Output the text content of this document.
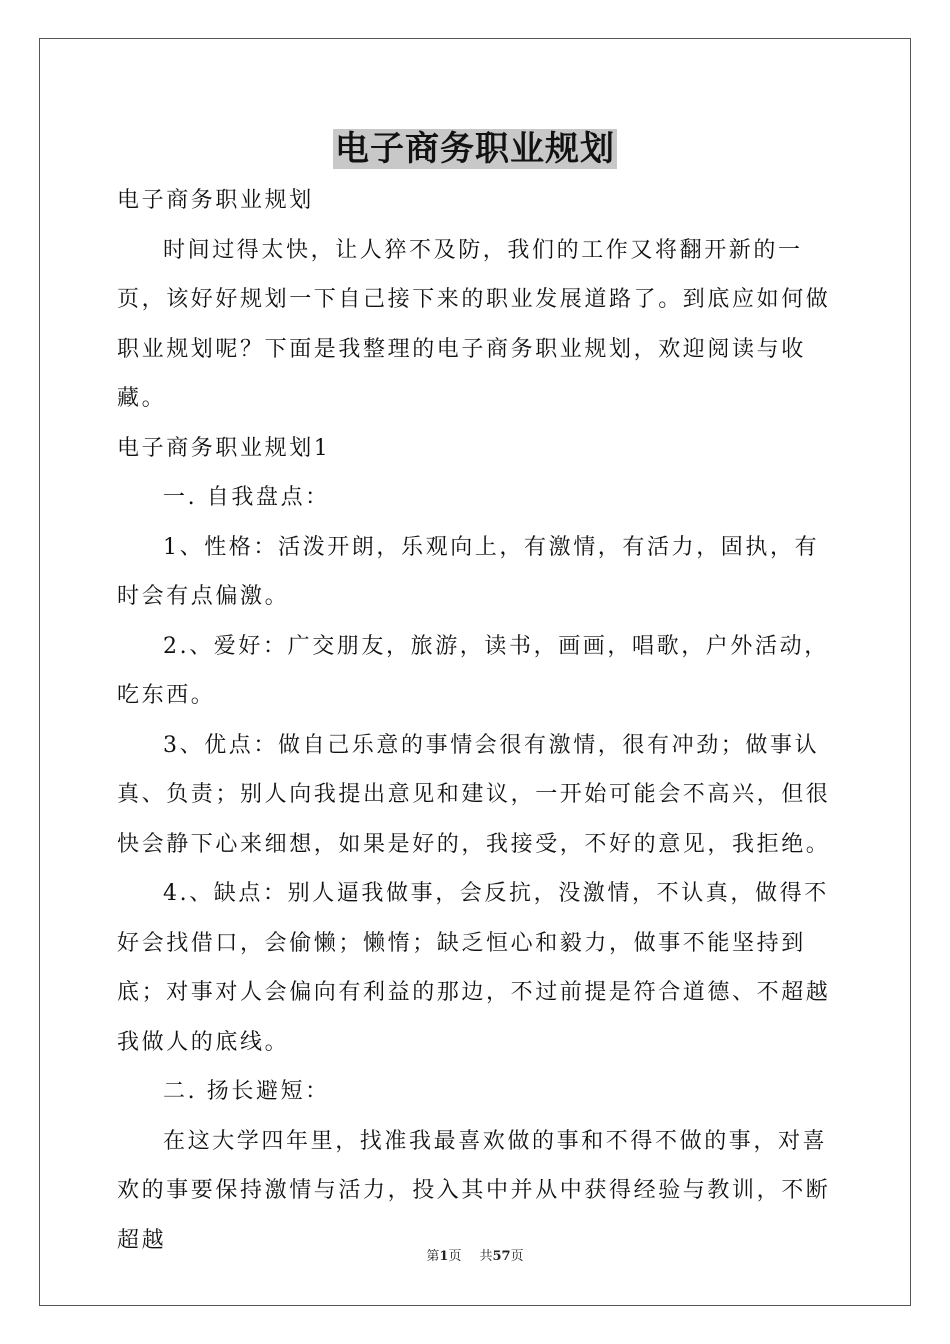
电子商务职业规划

电子商务职业规划

时间过得太快，让人猝不及防，我们的工作又将翻开新的一页，该好好规划一下自己接下来的职业发展道路了。到底应如何做职业规划呢？下面是我整理的电子商务职业规划，欢迎阅读与收藏。

电子商务职业规划1

一. 自我盘点：

1、性格：活泼开朗，乐观向上，有激情，有活力，固执，有时会有点偏激。

2.、爱好：广交朋友，旅游，读书，画画，唱歌，户外活动，吃东西。

3、优点：做自己乐意的事情会很有激情，很有冲劲；做事认真、负责；别人向我提出意见和建议，一开始可能会不高兴，但很快会静下心来细想，如果是好的，我接受，不好的意见，我拒绝。

4.、缺点：别人逼我做事，会反抗，没激情，不认真，做得不好会找借口，会偷懒；懒惰；缺乏恒心和毅力，做事不能坚持到底；对事对人会偏向有利益的那边，不过前提是符合道德、不超越我做人的底线。

二. 扬长避短：

在这大学四年里，找准我最喜欢做的事和不得不做的事，对喜欢的事要保持激情与活力，投入其中并从中获得经验与教训，不断超越

第1页 共57页
